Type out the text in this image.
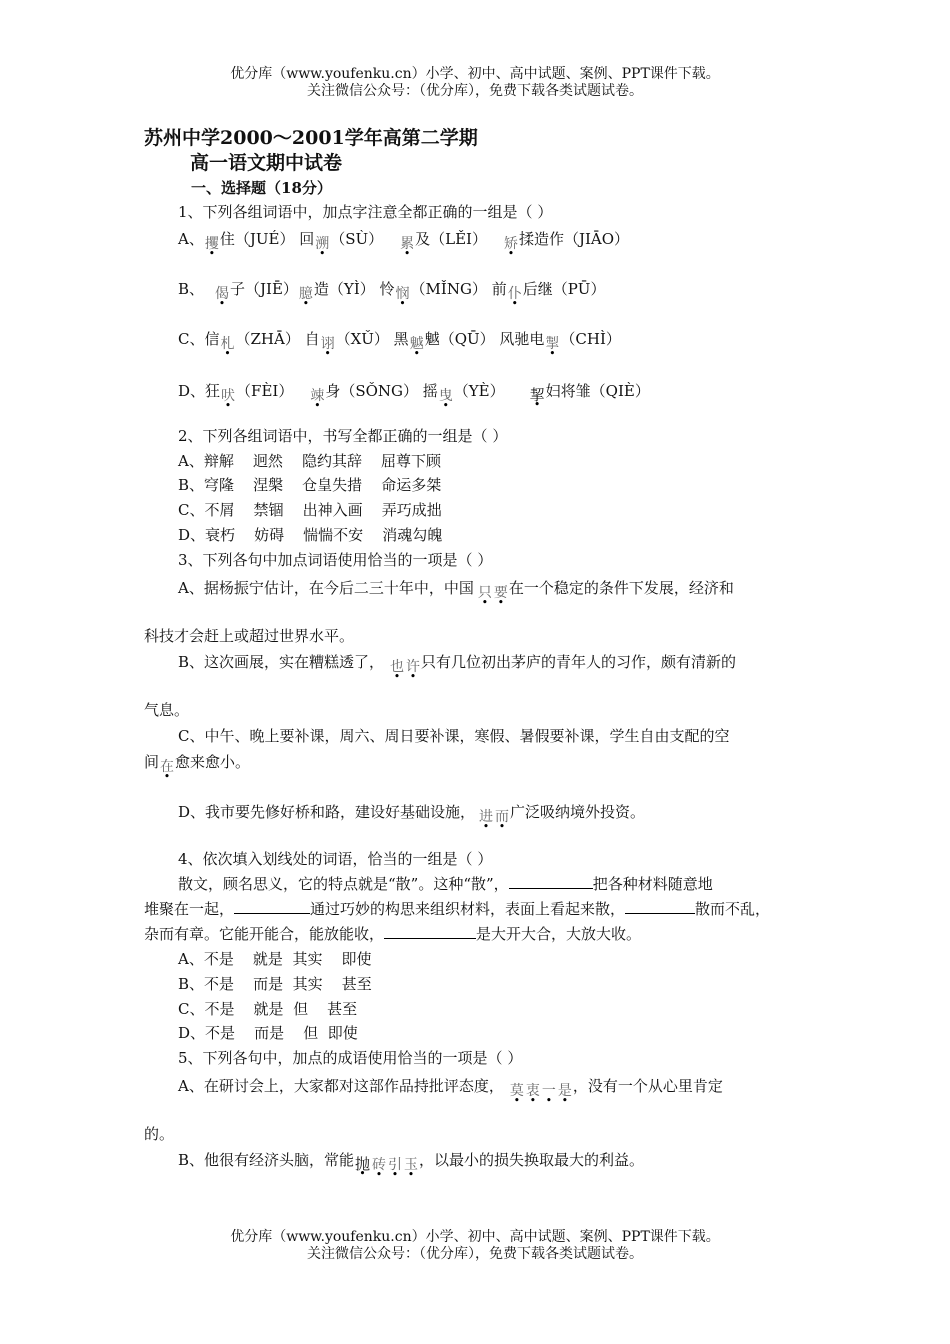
优分库（www.youfenku.cn）小学、初中、高中试题、案例、PPT课件下载。
关注微信公众号：（优分库），免费下载各类试题试卷。
苏州中学2000～2001学年高第二学期
高一语文期中试卷
一、选择题（18分）
1、下列各组词语中，加点字注意全都正确的一组是（ ）
A、攫住（JUÉ） 回溯（SÙ） 累及（LĚI） 矫揉造作（JIĀO）
B、 偈子（JIĒ）臆造（YÌ） 怜悯（MǏNG） 前仆后继（PŪ）
C、信札（ZHĀ） 自诩（XǓ） 黑魆魆（QŪ） 风驰电掣（CHÌ）
D、狂吠（FÈI） 竦身（SǑNG） 摇曳（YÈ） 挈妇将雏（QIÈ）
2、下列各组词语中，书写全都正确的一组是（ ）
A、辩解    迥然    隐约其辞    屈尊下顾
B、穹隆    涅槃    仓皇失措    命运多桀
C、不屑    禁锢    出神入画    弄巧成拙
D、衰朽    妨碍    惴惴不安    消魂勾魄
3、下列各句中加点词语使用恰当的一项是（ ）
A、据杨振宁估计，在今后二三十年中，中国 只 要在一个稳定的条件下发展，经济和
科技才会赶上或超过世界水平。
B、这次画展，实在糟糕透了， 也 许只有几位初出茅庐的青年人的习作，颇有清新的
气息。
C、中午、晚上要补课，周六、周日要补课，寒假、暑假要补课，学生自由支配的空
间在愈来愈小。
D、我市要先修好桥和路，建设好基础设施， 进 而广泛吸纳境外投资。
4、依次填入划线处的词语，恰当的一组是（ ）
散文，顾名思义，它的特点就是“散”。这种“散”，	把各种材料随意地
堆聚在一起，	通过巧妙的构思来组织材料，表面上看起来散，	散而不乱，
杂而有章。它能开能合，能放能收，	是大开大合，大放大收。
A、不是    就是  其实    即使
B、不是    而是  其实    甚至
C、不是    就是  但    甚至
D、不是    而是    但  即使
5、下列各句中，加点的成语使用恰当的一项是（ ）
A、在研讨会上，大家都对这部作品持批评态度， 莫 衷 一 是，没有一个从心里肯定
的。
B、他很有经济头脑，常能抛 砖 引 玉，以最小的损失换取最大的利益。
优分库（www.youfenku.cn）小学、初中、高中试题、案例、PPT课件下载。
关注微信公众号：（优分库），免费下载各类试题试卷。
